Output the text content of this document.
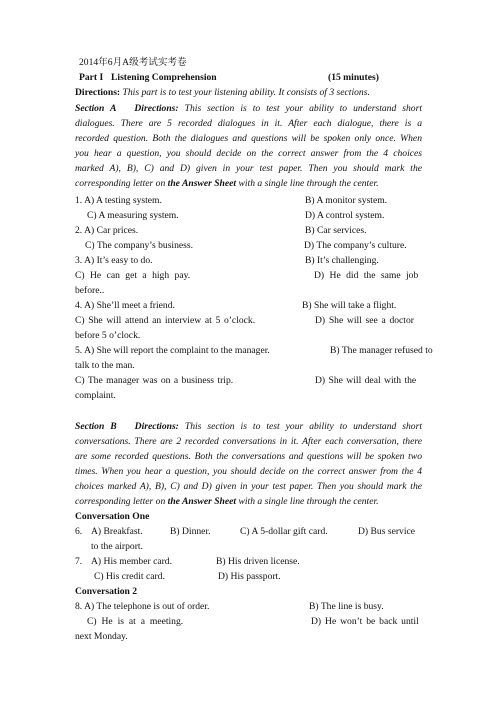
2014年6月A级考试实考卷
Part I Listening Comprehension	(15 minutes)
Directions: This part is to test your listening ability. It consists of 3 sections.
Section A Directions: This section is to test your ability to understand short
dialogues. There are 5 recorded dialogues in it. After each dialogue, there is a
recorded question. Both the dialogues and questions will be spoken only once. When
you hear a question, you should decide on the correct answer from the 4 choices
marked A), B), C) and D) given in your test paper. Then you should mark the
corresponding letter on the Answer Sheet with a single line through the center.
1. A) A testing system.	B) A monitor system.
C) A measuring system.	D) A control system.
2. A) Car prices.	B) Car services.
C) The company’s business.	D) The company’s culture.
3. A) It’s easy to do.	B) It’s challenging.
C) He can get a high pay.	D) He did the same job
before..
4. A) She’ll meet a friend.	B) She will take a flight.
C) She will attend an interview at 5 o’clock.	D) She will see a doctor
before 5 o’clock.
5. A) She will report the complaint to the manager.	B) The manager refused to
talk to the man.
C) The manager was on a business trip.	D) She will deal with the
complaint.
Section B Directions: This section is to test your ability to understand short
conversations. There are 2 recorded conversations in it. After each conversation, there
are some recorded questions. Both the conversations and questions will be spoken two
times. When you hear a question, you should decide on the correct answer from the 4
choices marked A), B), C) and D) given in your test paper. Then you should mark the
corresponding letter on the Answer Sheet with a single line through the center.
Conversation One
6. A) Breakfast.	B) Dinner.	C) A 5-dollar gift card.	D) Bus service
to the airport.
7. A) His member card.	B) His driven license.
C) His credit card.	D) His passport.
Conversation 2
8. A) The telephone is out of order.	B) The line is busy.
C) He is at a meeting.	D) He won’t be back until
next Monday.
